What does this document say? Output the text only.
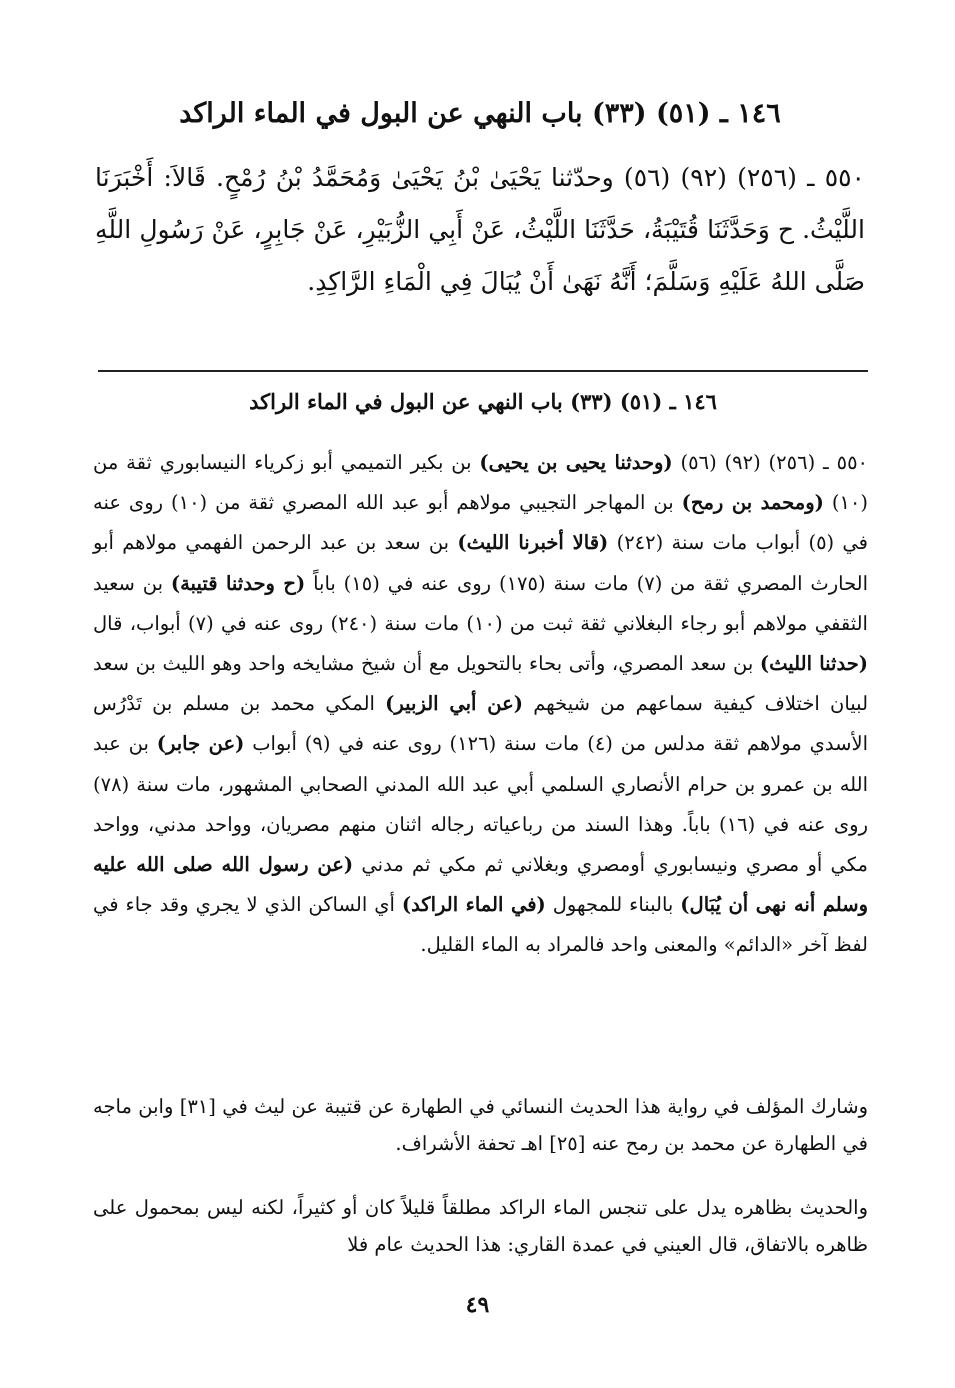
١٤٦ ـ (٥١) (٣٣) باب النهي عن البول في الماء الراكد

٥٥٠ ـ (٢٥٦) (٩٢) (٥٦) وحدّثنا يَحْيَىٰ بْنُ يَحْيَىٰ وَمُحَمَّدُ بْنُ رُمْحٍ. قَالاَ: أَخْبَرَنَا اللَّيْثُ. ح وَحَدَّثَنَا قُتَيْبَةُ، حَدَّثَنَا اللَّيْثُ، عَنْ أَبِي الزُّبَيْرِ، عَنْ جَابِرٍ، عَنْ رَسُولِ اللَّهِ صَلَّى اللهُ عَلَيْهِ وَسَلَّمَ؛ أَنَّهُ نَهَىٰ أَنْ يُبَالَ فِي الْمَاءِ الرَّاكِدِ.

١٤٦ ـ (٥١) (٣٣) باب النهي عن البول في الماء الراكد

٥٥٠ ـ (٢٥٦) (٩٢) (٥٦) (وحدثنا يحيى بن يحيى) بن بكير التميمي أبو زكرياء النيسابوري ثقة من (١٠) (ومحمد بن رمح) بن المهاجر التجيبي مولاهم أبو عبد الله المصري ثقة من (١٠) روى عنه في (٥) أبواب مات سنة (٢٤٢) (قالا أخبرنا الليث) بن سعد بن عبد الرحمن الفهمي مولاهم أبو الحارث المصري ثقة من (٧) مات سنة (١٧٥) روى عنه في (١٥) باباً (ح وحدثنا قتيبة) بن سعيد الثقفي مولاهم أبو رجاء البغلاني ثقة ثبت من (١٠) مات سنة (٢٤٠) روى عنه في (٧) أبواب، قال (حدثنا الليث) بن سعد المصري، وأتى بحاء بالتحويل مع أن شيخ مشايخه واحد وهو الليث بن سعد لبيان اختلاف كيفية سماعهم من شيخهم (عن أبي الزبير) المكي محمد بن مسلم بن تَدْرُس الأسدي مولاهم ثقة مدلس من (٤) مات سنة (١٢٦) روى عنه في (٩) أبواب (عن جابر) بن عبد الله بن عمرو بن حرام الأنصاري السلمي أبي عبد الله المدني الصحابي المشهور، مات سنة (٧٨) روى عنه في (١٦) باباً. وهذا السند من رباعياته رجاله اثنان منهم مصريان، وواحد مدني، وواحد مكي أو مصري ونيسابوري أومصري وبغلاني ثم مكي ثم مدني (عن رسول الله صلى الله عليه وسلم أنه نهى أن يُبَال) بالبناء للمجهول (في الماء الراكد) أي الساكن الذي لا يجري وقد جاء في لفظ آخر «الدائم» والمعنى واحد فالمراد به الماء القليل.

وشارك المؤلف في رواية هذا الحديث النسائي في الطهارة عن قتيبة عن ليث في [٣١] وابن ماجه في الطهارة عن محمد بن رمح عنه [٢٥] اهـ تحفة الأشراف.

والحديث بظاهره يدل على تنجس الماء الراكد مطلقاً قليلاً كان أو كثيراً، لكنه ليس بمحمول على ظاهره بالاتفاق، قال العيني في عمدة القاري: هذا الحديث عام فلا

٤٩
